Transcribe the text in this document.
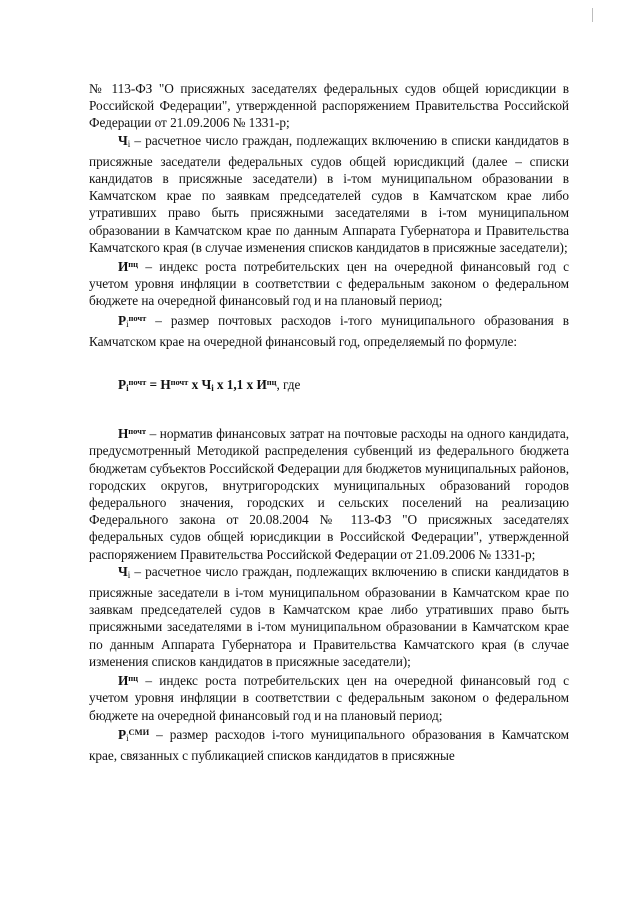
№ 113-ФЗ "О присяжных заседателях федеральных судов общей юрисдикции в Российской Федерации", утвержденной распоряжением Правительства Российской Федерации от 21.09.2006 № 1331-р;

$Ч_i$ – расчетное число граждан, подлежащих включению в списки кандидатов в присяжные заседатели федеральных судов общей юрисдикций (далее – списки кандидатов в присяжные заседатели) в i-том муниципальном образовании в Камчатском крае по заявкам председателей судов в Камчатском крае либо утративших право быть присяжными заседателями в i-том муниципальном образовании в Камчатском крае по данным Аппарата Губернатора и Правительства Камчатского края (в случае изменения списков кандидатов в присяжные заседатели);

$И^{пц}$ – индекс роста потребительских цен на очередной финансовый год с учетом уровня инфляции в соответствии с федеральным законом о федеральном бюджете на очередной финансовый год и на плановый период;

$Р_i^{почт}$ – размер почтовых расходов i-того муниципального образования в Камчатском крае на очередной финансовый год, определяемый по формуле:

$Р_i^{почт} = Н^{почт}$ х $Ч_i$ х 1,1 х $И^{пц}$, где

$Н^{почт}$ – норматив финансовых затрат на почтовые расходы на одного кандидата, предусмотренный Методикой распределения субвенций из федерального бюджета бюджетам субъектов Российской Федерации для бюджетов муниципальных районов, городских округов, внутригородских муниципальных образований городов федерального значения, городских и сельских поселений на реализацию Федерального закона от 20.08.2004 № 113-ФЗ "О присяжных заседателях федеральных судов общей юрисдикции в Российской Федерации", утвержденной распоряжением Правительства Российской Федерации от 21.09.2006 № 1331-р;

$Ч_i$ – расчетное число граждан, подлежащих включению в списки кандидатов в присяжные заседатели в i-том муниципальном образовании в Камчатском крае по заявкам председателей судов в Камчатском крае либо утративших право быть присяжными заседателями в i-том муниципальном образовании в Камчатском крае по данным Аппарата Губернатора и Правительства Камчатского края (в случае изменения списков кандидатов в присяжные заседатели);

$И^{пц}$ – индекс роста потребительских цен на очередной финансовый год с учетом уровня инфляции в соответствии с федеральным законом о федеральном бюджете на очередной финансовый год и на плановый период;

$Р_i^{СМИ}$ – размер расходов i-того муниципального образования в Камчатском крае, связанных с публикацией списков кандидатов в присяжные
